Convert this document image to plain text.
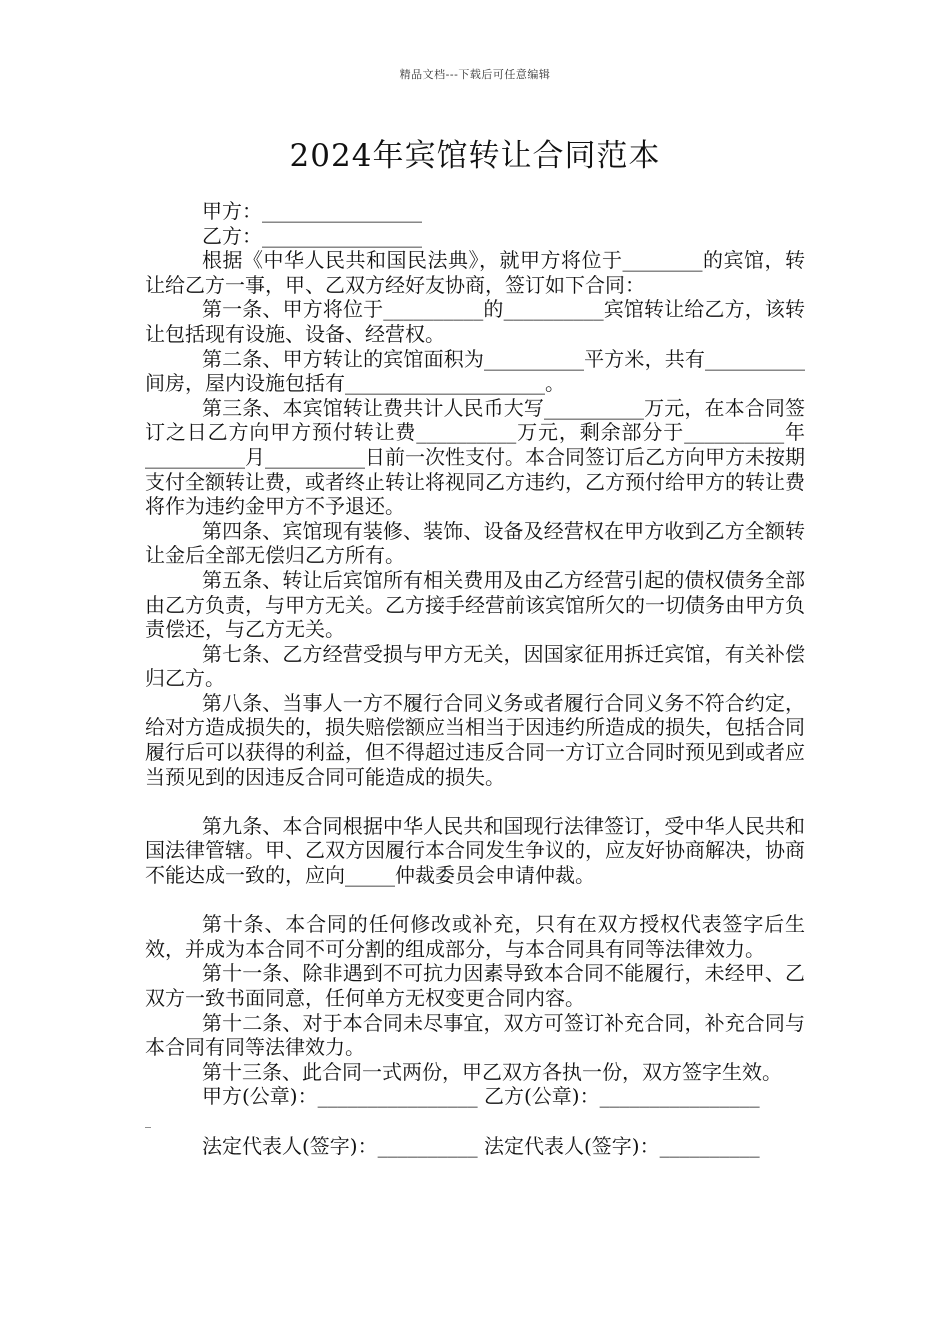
精品文档---下载后可任意编辑
2024年宾馆转让合同范本

甲方：________________

乙方：________________

根据《中华人民共和国民法典》，就甲方将位于________的宾馆，转让给乙方一事，甲、乙双方经好友协商，签订如下合同：

第一条、甲方将位于__________的__________宾馆转让给乙方，该转让包括现有设施、设备、经营权。

第二条、甲方转让的宾馆面积为__________平方米，共有__________间房，屋内设施包括有____________________。

第三条、本宾馆转让费共计人民币大写__________万元，在本合同签订之日乙方向甲方预付转让费__________万元，剩余部分于__________年__________月__________日前一次性支付。本合同签订后乙方向甲方未按期支付全额转让费，或者终止转让将视同乙方违约，乙方预付给甲方的转让费将作为违约金甲方不予退还。

第四条、宾馆现有装修、装饰、设备及经营权在甲方收到乙方全额转让金后全部无偿归乙方所有。

第五条、转让后宾馆所有相关费用及由乙方经营引起的债权债务全部由乙方负责，与甲方无关。乙方接手经营前该宾馆所欠的一切债务由甲方负责偿还，与乙方无关。

第七条、乙方经营受损与甲方无关，因国家征用拆迁宾馆，有关补偿归乙方。

第八条、当事人一方不履行合同义务或者履行合同义务不符合约定，给对方造成损失的，损失赔偿额应当相当于因违约所造成的损失，包括合同履行后可以获得的利益，但不得超过违反合同一方订立合同时预见到或者应当预见到的因违反合同可能造成的损失。

第九条、本合同根据中华人民共和国现行法律签订，受中华人民共和国法律管辖。甲、乙双方因履行本合同发生争议的，应友好协商解决，协商不能达成一致的，应向_____仲裁委员会申请仲裁。

第十条、本合同的任何修改或补充，只有在双方授权代表签字后生效，并成为本合同不可分割的组成部分，与本合同具有同等法律效力。

第十一条、除非遇到不可抗力因素导致本合同不能履行，未经甲、乙双方一致书面同意，任何单方无权变更合同内容。

第十二条、对于本合同未尽事宜，双方可签订补充合同，补充合同与本合同有同等法律效力。

第十三条、此合同一式两份，甲乙双方各执一份，双方签字生效。

甲方(公章)：________________ 乙方(公章)：________________

_

法定代表人(签字)：__________ 法定代表人(签字)：__________
